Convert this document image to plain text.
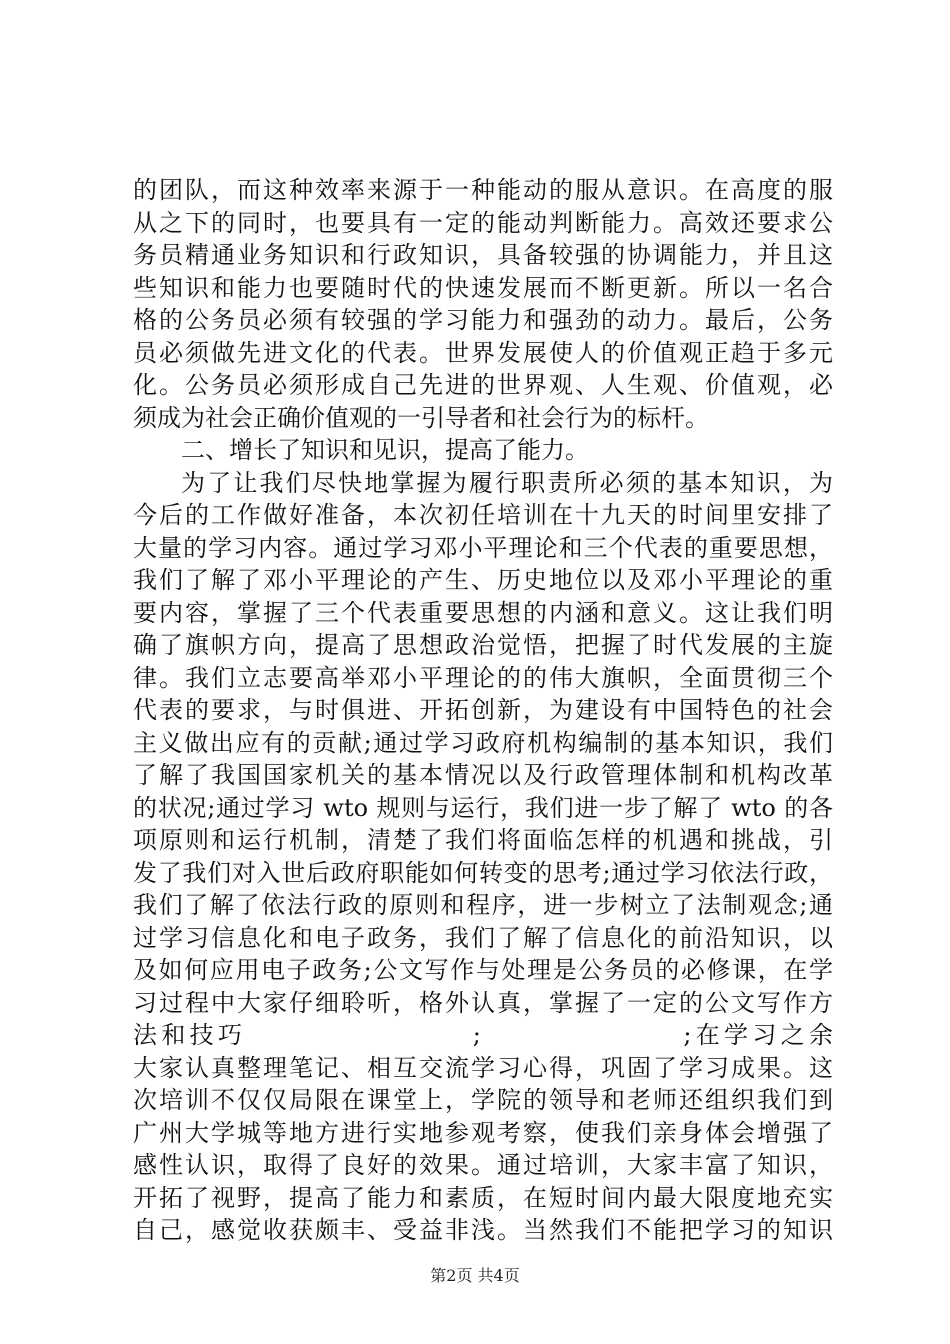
的团队，而这种效率来源于一种能动的服从意识。在高度的服
从之下的同时，也要具有一定的能动判断能力。高效还要求公
务员精通业务知识和行政知识，具备较强的协调能力，并且这
些知识和能力也要随时代的快速发展而不断更新。所以一名合
格的公务员必须有较强的学习能力和强劲的动力。最后，公务
员必须做先进文化的代表。世界发展使人的价值观正趋于多元
化。公务员必须形成自己先进的世界观、人生观、价值观，必
须成为社会正确价值观的一引导者和社会行为的标杆。
二、增长了知识和见识，提高了能力。
为了让我们尽快地掌握为履行职责所必须的基本知识，为
今后的工作做好准备，本次初任培训在十九天的时间里安排了
大量的学习内容。通过学习邓小平理论和三个代表的重要思想，
我们了解了邓小平理论的产生、历史地位以及邓小平理论的重
要内容，掌握了三个代表重要思想的内涵和意义。这让我们明
确了旗帜方向，提高了思想政治觉悟，把握了时代发展的主旋
律。我们立志要高举邓小平理论的的伟大旗帜，全面贯彻三个
代表的要求，与时俱进、开拓创新，为建设有中国特色的社会
主义做出应有的贡献;通过学习政府机构编制的基本知识，我们
了解了我国国家机关的基本情况以及行政管理体制和机构改革
的状况;通过学习 wto 规则与运行，我们进一步了解了 wto 的各
项原则和运行机制，清楚了我们将面临怎样的机遇和挑战，引
发了我们对入世后政府职能如何转变的思考;通过学习依法行政，
我们了解了依法行政的原则和程序，进一步树立了法制观念;通
过学习信息化和电子政务，我们了解了信息化的前沿知识，以
及如何应用电子政务;公文写作与处理是公务员的必修课，在学
习过程中大家仔细聆听，格外认真，掌握了一定的公文写作方
法和技巧　　　　　　　　;　　　　　　　;在学习之余
大家认真整理笔记、相互交流学习心得，巩固了学习成果。这
次培训不仅仅局限在课堂上，学院的领导和老师还组织我们到
广州大学城等地方进行实地参观考察，使我们亲身体会增强了
感性认识，取得了良好的效果。通过培训，大家丰富了知识，
开拓了视野，提高了能力和素质，在短时间内最大限度地充实
自己，感觉收获颇丰、受益非浅。当然我们不能把学习的知识
第2页 共4页
